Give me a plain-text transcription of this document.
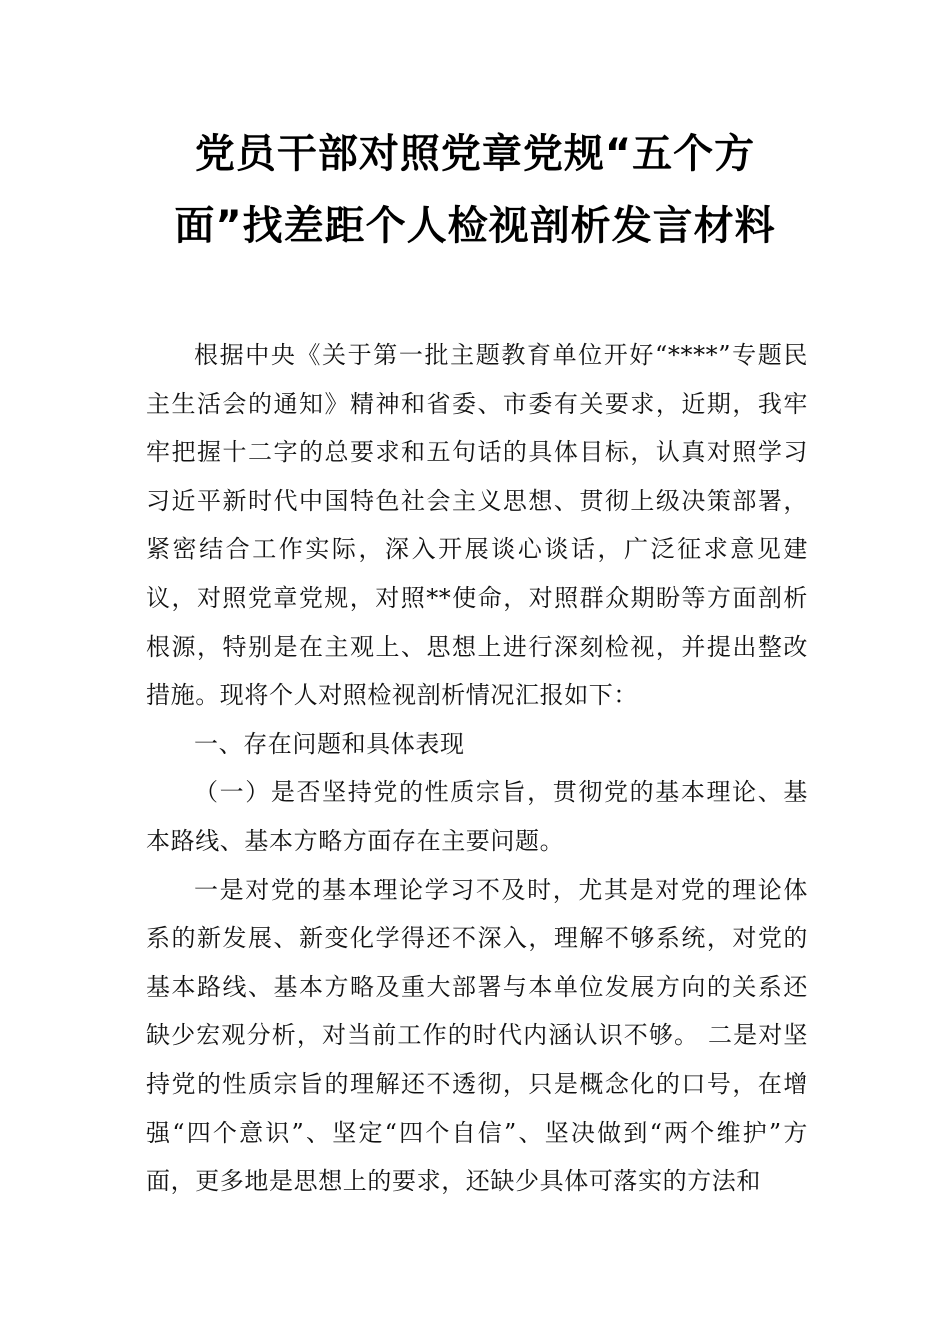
党员干部对照党章党规“五个方
面”找差距个人检视剖析发言材料

根据中央《关于第一批主题教育单位开好“****”专题民主生活会的通知》精神和省委、市委有关要求，近期，我牢牢把握十二字的总要求和五句话的具体目标，认真对照学习习近平新时代中国特色社会主义思想、贯彻上级决策部署，紧密结合工作实际，深入开展谈心谈话，广泛征求意见建议，对照党章党规，对照**使命，对照群众期盼等方面剖析根源，特别是在主观上、思想上进行深刻检视，并提出整改措施。现将个人对照检视剖析情况汇报如下：

一、存在问题和具体表现

（一）是否坚持党的性质宗旨，贯彻党的基本理论、基本路线、基本方略方面存在主要问题。

一是对党的基本理论学习不及时，尤其是对党的理论体系的新发展、新变化学得还不深入，理解不够系统，对党的基本路线、基本方略及重大部署与本单位发展方向的关系还缺少宏观分析，对当前工作的时代内涵认识不够。 二是对坚持党的性质宗旨的理解还不透彻，只是概念化的口号，在增强“四个意识”、坚定“四个自信”、坚决做到“两个维护”方面，更多地是思想上的要求，还缺少具体可落实的方法和
